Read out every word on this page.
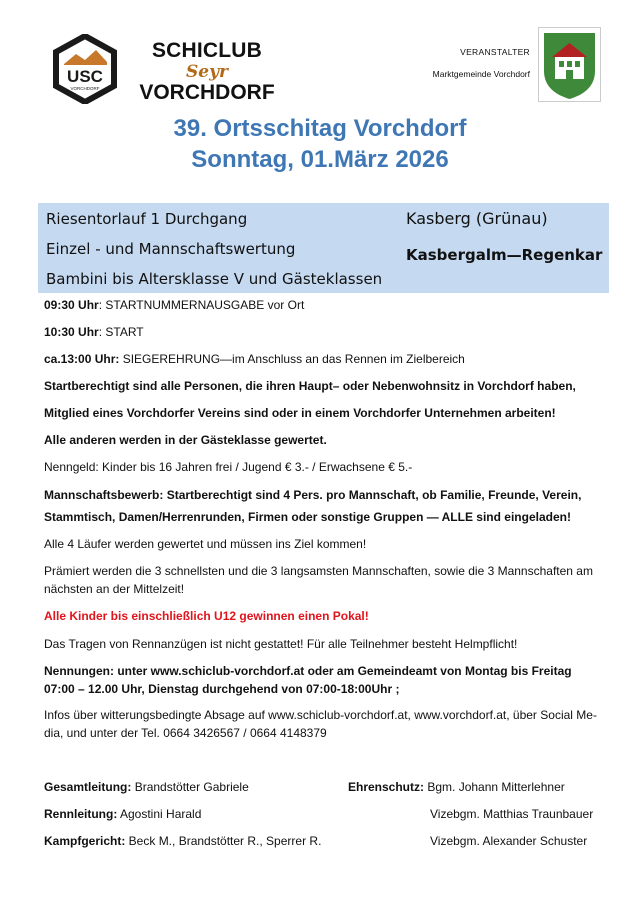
USC
VORCHDORF
SCHICLUB
Seyr
VORCHDORF
VERANSTALTER
Marktgemeinde Vorchdorf
39. Ortsschitag Vorchdorf
Sonntag, 01.März 2026
Riesentorlauf 1 Durchgang
Einzel - und Mannschaftswertung
Bambini bis Altersklasse V und Gästeklassen
Kasberg (Grünau)
Kasbergalm—Regenkar
09:30 Uhr: STARTNUMMERNAUSGABE vor Ort
10:30 Uhr: START
ca.13:00 Uhr: SIEGEREHRUNG—im Anschluss an das Rennen im Zielbereich
Startberechtigt sind alle Personen, die ihren Haupt– oder Nebenwohnsitz in Vorchdorf haben,
Mitglied eines Vorchdorfer Vereins sind oder in einem Vorchdorfer Unternehmen arbeiten!
Alle anderen werden in der Gästeklasse gewertet.
Nenngeld: Kinder bis 16 Jahren frei / Jugend € 3.- / Erwachsene € 5.-
Mannschaftsbewerb: Startberechtigt sind 4 Pers. pro Mannschaft, ob Familie, Freunde, Verein,
Stammtisch, Damen/Herrenrunden, Firmen oder sonstige Gruppen — ALLE sind eingeladen!
Alle 4 Läufer werden gewertet und müssen ins Ziel kommen!
Prämiert werden die 3 schnellsten und die 3 langsamsten Mannschaften, sowie die 3 Mannschaften am
nächsten an der Mittelzeit!
Alle Kinder bis einschließlich U12 gewinnen einen Pokal!
Das Tragen von Rennanzügen ist nicht gestattet! Für alle Teilnehmer besteht Helmpflicht!
Nennungen: unter www.schiclub-vorchdorf.at oder am Gemeindeamt von Montag bis Freitag
07:00 – 12.00 Uhr, Dienstag durchgehend von 07:00-18:00Uhr ;
Infos über witterungsbedingte Absage auf www.schiclub-vorchdorf.at, www.vorchdorf.at, über Social Me-
dia, und unter der Tel. 0664 3426567 / 0664 4148379
Gesamtleitung: Brandstötter Gabriele
Rennleitung: Agostini Harald
Kampfgericht: Beck M., Brandstötter R., Sperrer R.
Ehrenschutz: Bgm. Johann Mitterlehner
Vizebgm. Matthias Traunbauer
Vizebgm. Alexander Schuster
